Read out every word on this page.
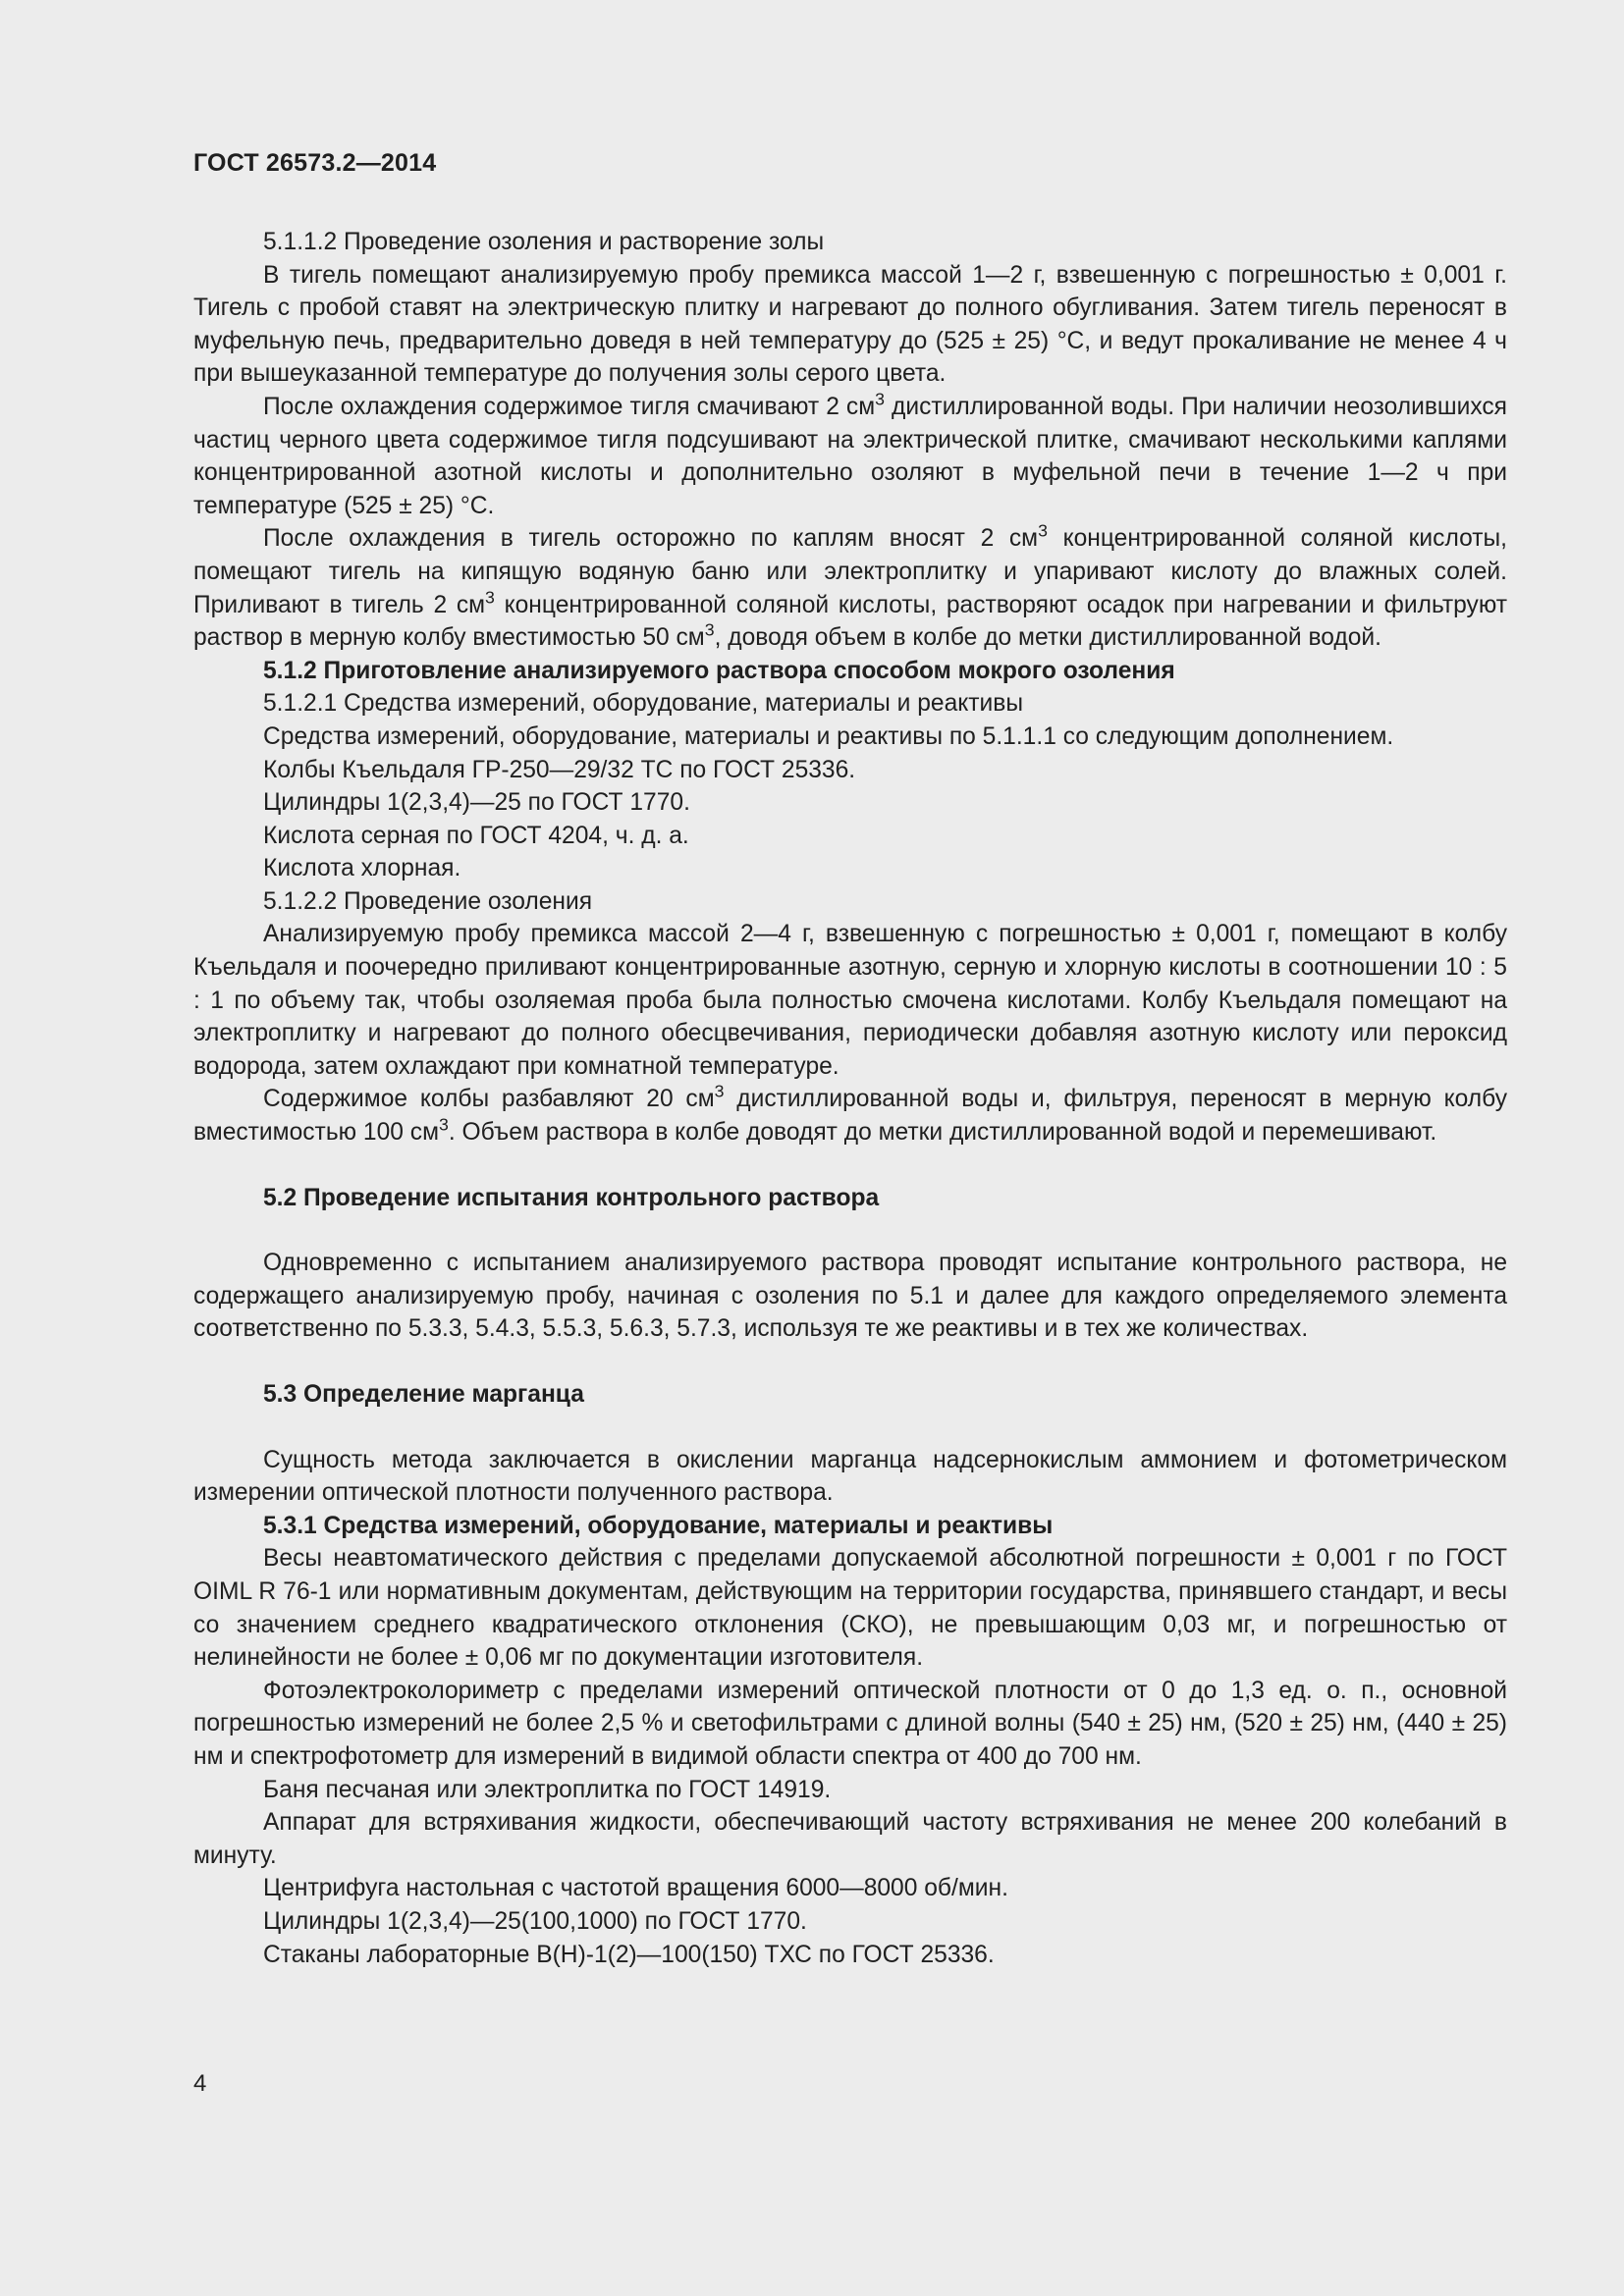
ГОСТ 26573.2—2014

5.1.1.2 Проведение озоления и растворение золы

В тигель помещают анализируемую пробу премикса массой 1—2 г, взвешенную с погрешностью ± 0,001 г. Тигель с пробой ставят на электрическую плитку и нагревают до полного обугливания. Затем тигель переносят в муфельную печь, предварительно доведя в ней температуру до (525 ± 25) °С, и ведут прокаливание не менее 4 ч при вышеуказанной температуре до получения золы серого цвета.

После охлаждения содержимое тигля смачивают 2 $см^3$ дистиллированной воды. При наличии неозолившихся частиц черного цвета содержимое тигля подсушивают на электрической плитке, смачивают несколькими каплями концентрированной азотной кислоты и дополнительно озоляют в муфельной печи в течение 1—2 ч при температуре (525 ± 25) °С.

После охлаждения в тигель осторожно по каплям вносят 2 $см^3$ концентрированной соляной кислоты, помещают тигель на кипящую водяную баню или электроплитку и упаривают кислоту до влажных солей. Приливают в тигель 2 $см^3$ концентрированной соляной кислоты, растворяют осадок при нагревании и фильтруют раствор в мерную колбу вместимостью 50 $см^3$, доводя объем в колбе до метки дистиллированной водой.

5.1.2 Приготовление анализируемого раствора способом мокрого озоления

5.1.2.1 Средства измерений, оборудование, материалы и реактивы

Средства измерений, оборудование, материалы и реактивы по 5.1.1.1 со следующим дополнением.

Колбы Къельдаля ГР-250—29/32 ТС по ГОСТ 25336.

Цилиндры 1(2,3,4)—25 по ГОСТ 1770.

Кислота серная по ГОСТ 4204, ч. д. а.

Кислота хлорная.

5.1.2.2 Проведение озоления

Анализируемую пробу премикса массой 2—4 г, взвешенную с погрешностью ± 0,001 г, помещают в колбу Къельдаля и поочередно приливают концентрированные азотную, серную и хлорную кислоты в соотношении 10 : 5 : 1 по объему так, чтобы озоляемая проба была полностью смочена кислотами. Колбу Къельдаля помещают на электроплитку и нагревают до полного обесцвечивания, периодически добавляя азотную кислоту или пероксид водорода, затем охлаждают при комнатной температуре.

Содержимое колбы разбавляют 20 $см^3$ дистиллированной воды и, фильтруя, переносят в мерную колбу вместимостью 100 $см^3$. Объем раствора в колбе доводят до метки дистиллированной водой и перемешивают.

5.2 Проведение испытания контрольного раствора

Одновременно с испытанием анализируемого раствора проводят испытание контрольного раствора, не содержащего анализируемую пробу, начиная с озоления по 5.1 и далее для каждого определяемого элемента соответственно по 5.3.3, 5.4.3, 5.5.3, 5.6.3, 5.7.3, используя те же реактивы и в тех же количествах.

5.3 Определение марганца

Сущность метода заключается в окислении марганца надсернокислым аммонием и фотометрическом измерении оптической плотности полученного раствора.

5.3.1 Средства измерений, оборудование, материалы и реактивы

Весы неавтоматического действия с пределами допускаемой абсолютной погрешности ± 0,001 г по ГОСТ OIML R 76-1 или нормативным документам, действующим на территории государства, принявшего стандарт, и весы со значением среднего квадратического отклонения (СКО), не превышающим 0,03 мг, и погрешностью от нелинейности не более ± 0,06 мг по документации изготовителя.

Фотоэлектроколориметр с пределами измерений оптической плотности от 0 до 1,3 ед. о. п., основной погрешностью измерений не более 2,5 % и светофильтрами с длиной волны (540 ± 25) нм, (520 ± 25) нм, (440 ± 25) нм и спектрофотометр для измерений в видимой области спектра от 400 до 700 нм.

Баня песчаная или электроплитка по ГОСТ 14919.

Аппарат для встряхивания жидкости, обеспечивающий частоту встряхивания не менее 200 колебаний в минуту.

Центрифуга настольная с частотой вращения 6000—8000 об/мин.

Цилиндры 1(2,3,4)—25(100,1000) по ГОСТ 1770.

Стаканы лабораторные В(Н)-1(2)—100(150) ТХС по ГОСТ 25336.

4
